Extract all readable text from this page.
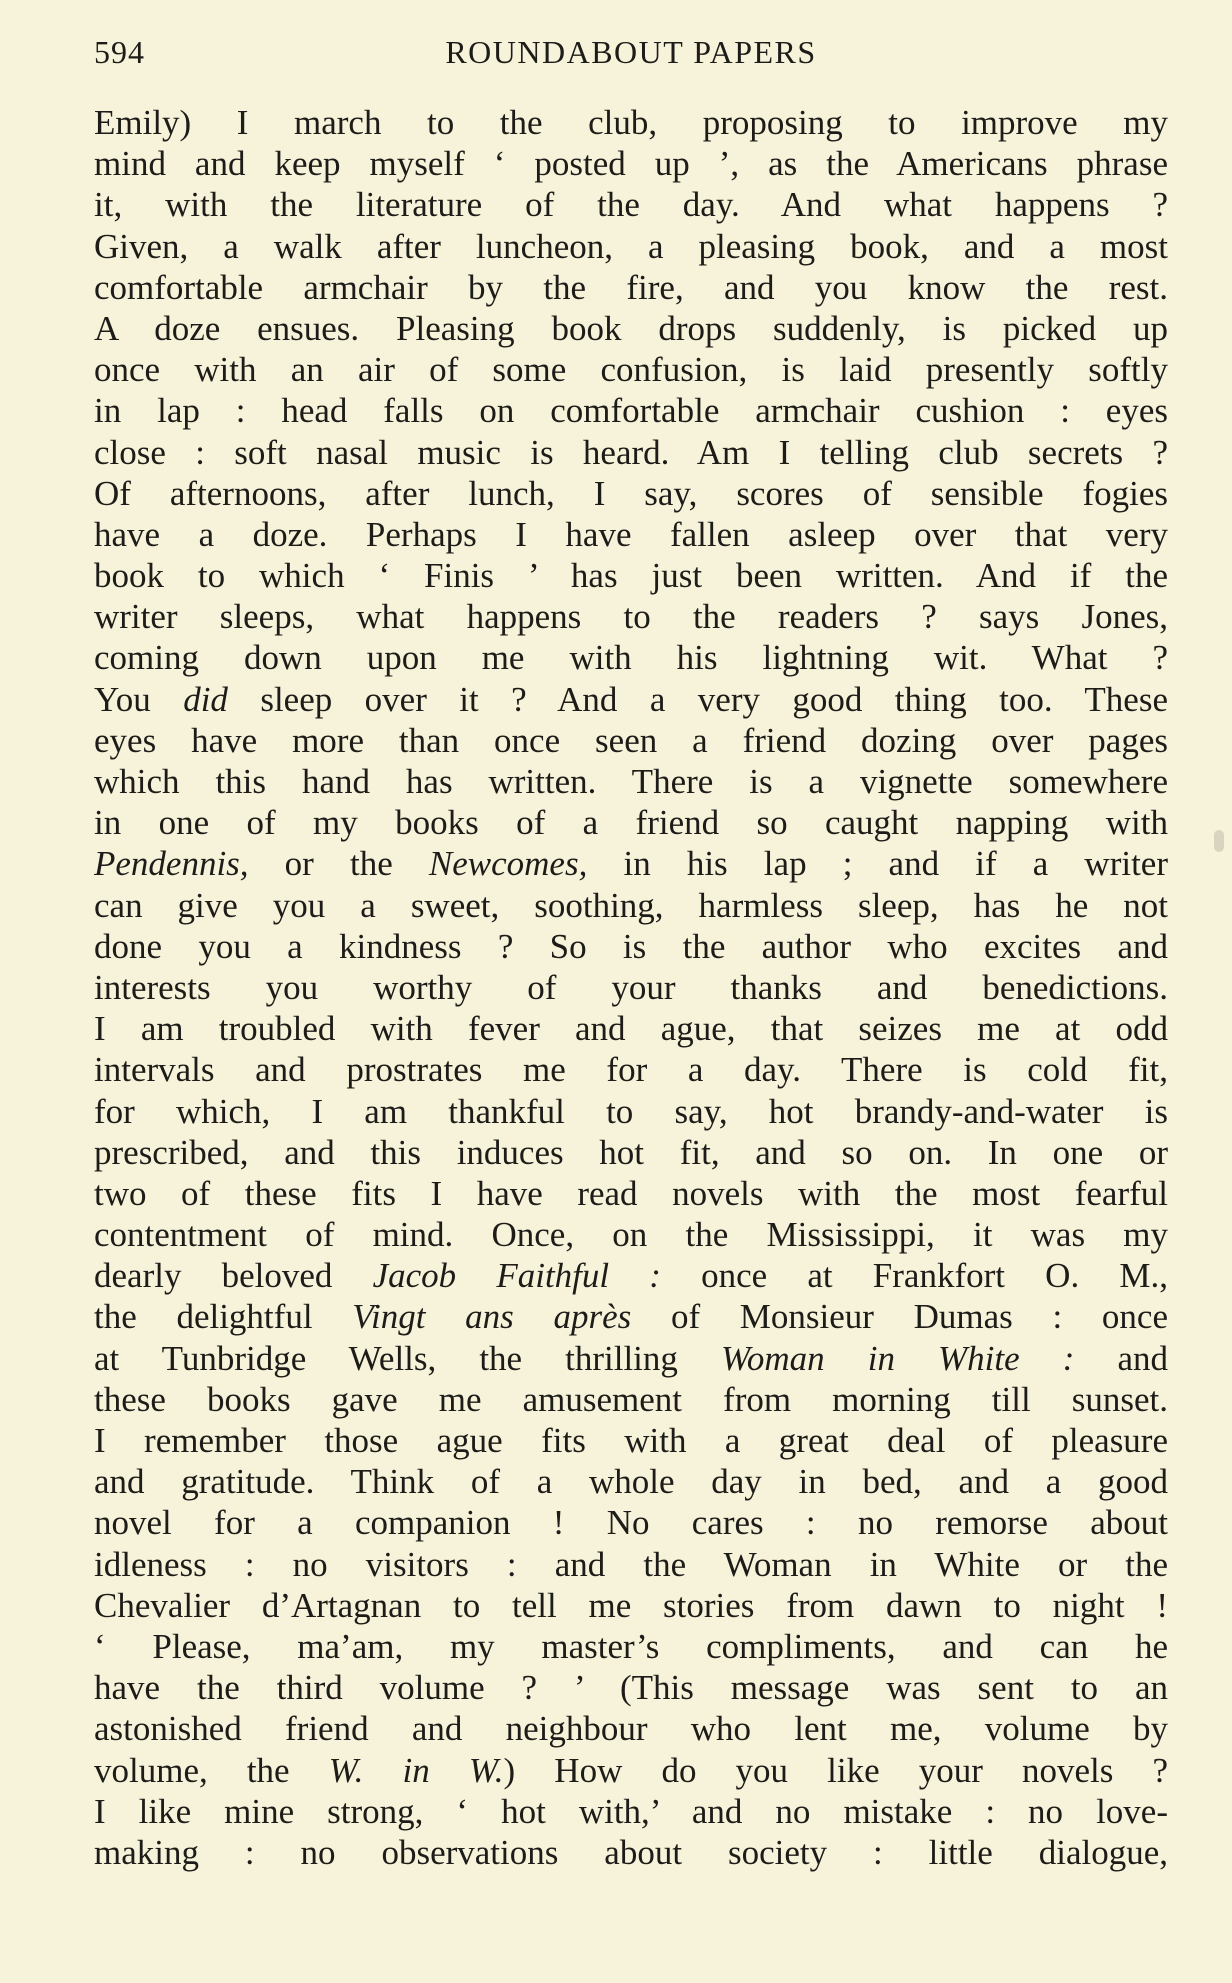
594	ROUNDABOUT PAPERS
Emily) I march to the club, proposing to improve my
mind and keep myself ‘ posted up ’, as the Americans phrase
it, with the literature of the day. And what happens ?
Given, a walk after luncheon, a pleasing book, and a most
comfortable armchair by the fire, and you know the rest.
A doze ensues. Pleasing book drops suddenly, is picked up
once with an air of some confusion, is laid presently softly
in lap : head falls on comfortable armchair cushion : eyes
close : soft nasal music is heard. Am I telling club secrets ?
Of afternoons, after lunch, I say, scores of sensible fogies
have a doze. Perhaps I have fallen asleep over that very
book to which ‘ Finis ’ has just been written. And if the
writer sleeps, what happens to the readers ? says Jones,
coming down upon me with his lightning wit. What ?
You did sleep over it ? And a very good thing too. These
eyes have more than once seen a friend dozing over pages
which this hand has written. There is a vignette somewhere
in one of my books of a friend so caught napping with
Pendennis, or the Newcomes, in his lap ; and if a writer
can give you a sweet, soothing, harmless sleep, has he not
done you a kindness ? So is the author who excites and
interests you worthy of your thanks and benedictions.
I am troubled with fever and ague, that seizes me at odd
intervals and prostrates me for a day. There is cold fit,
for which, I am thankful to say, hot brandy-and-water is
prescribed, and this induces hot fit, and so on. In one or
two of these fits I have read novels with the most fearful
contentment of mind. Once, on the Mississippi, it was my
dearly beloved Jacob Faithful : once at Frankfort O. M.,
the delightful Vingt ans après of Monsieur Dumas : once
at Tunbridge Wells, the thrilling Woman in White : and
these books gave me amusement from morning till sunset.
I remember those ague fits with a great deal of pleasure
and gratitude. Think of a whole day in bed, and a good
novel for a companion ! No cares : no remorse about
idleness : no visitors : and the Woman in White or the
Chevalier d’Artagnan to tell me stories from dawn to night !
‘ Please, ma’am, my master’s compliments, and can he
have the third volume ? ’ (This message was sent to an
astonished friend and neighbour who lent me, volume by
volume, the W. in W.) How do you like your novels ?
I like mine strong, ‘ hot with,’ and no mistake : no love-
making : no observations about society : little dialogue,
